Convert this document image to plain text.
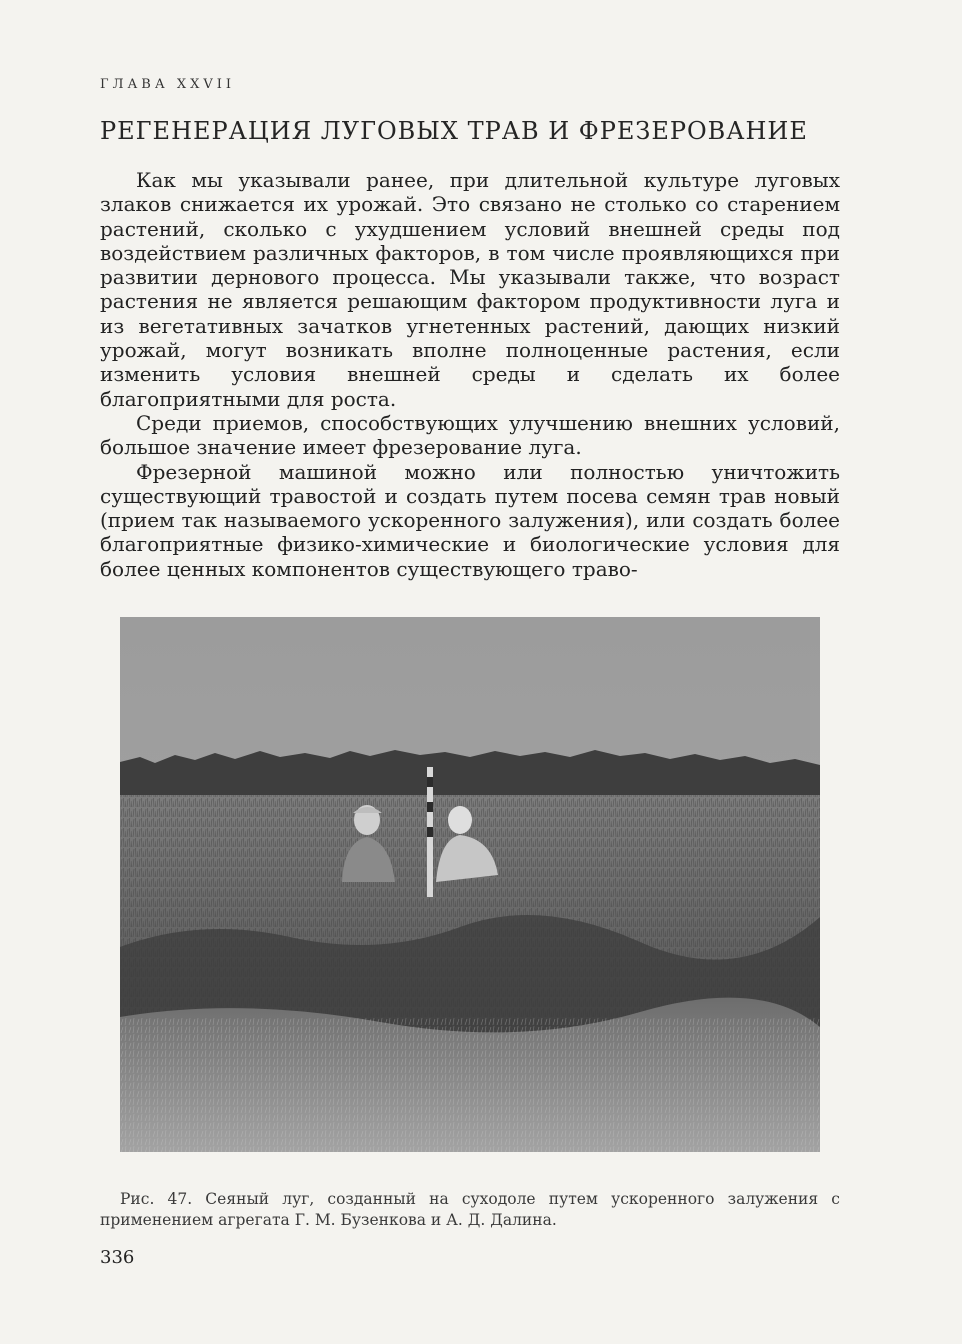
ГЛАВА XXVII
РЕГЕНЕРАЦИЯ ЛУГОВЫХ ТРАВ И ФРЕЗЕРОВАНИЕ

Как мы указывали ранее, при длительной культуре луговых злаков снижается их урожай. Это связано не столько со старением растений, сколько с ухудшением условий внешней среды под воздействием различных факторов, в том числе проявляющихся при развитии дернового процесса. Мы указывали также, что возраст растения не является решающим фактором продуктивности луга и из вегетативных зачатков угнетенных растений, дающих низкий урожай, могут возникать вполне полноценные растения, если изменить условия внешней среды и сделать их более благоприятными для роста.

Среди приемов, способствующих улучшению внешних условий, большое значение имеет фрезерование луга.

Фрезерной машиной можно или полностью уничтожить существующий травостой и создать путем посева семян трав новый (прием так называемого ускоренного залужения), или создать более благоприятные физико-химические и биологические условия для более ценных компонентов существующего траво-

Рис. 47. Сеяный луг, созданный на суходоле путем ускоренного залужения с применением агрегата Г. М. Бузенкова и А. Д. Далина.
336
